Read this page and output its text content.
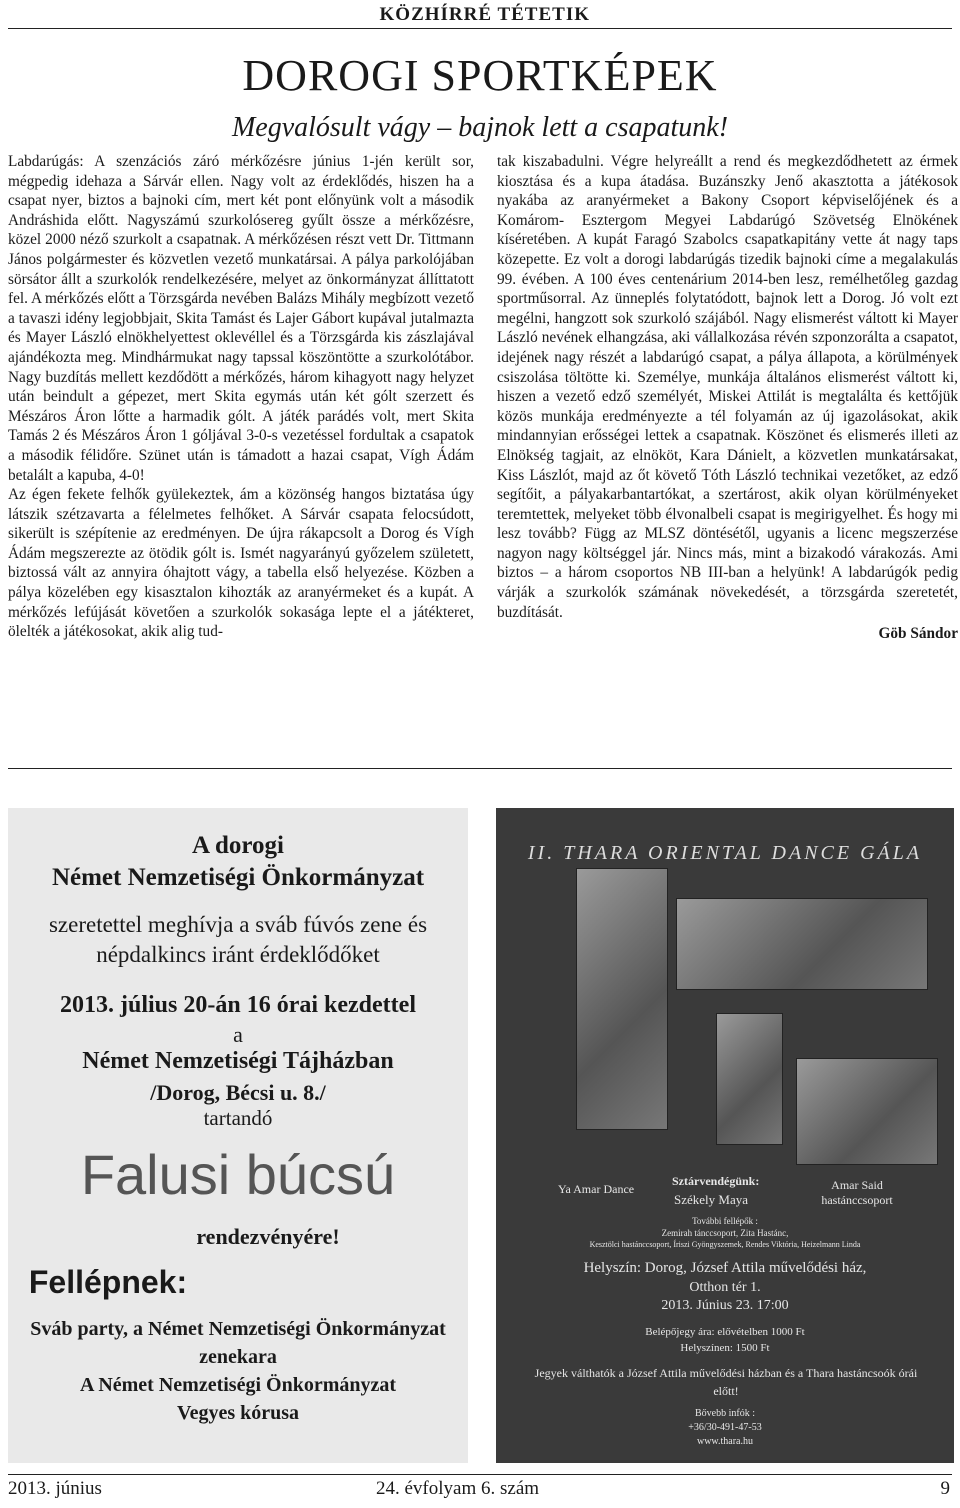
KÖZHÍRRÉ TÉTETIK
DOROGI SPORTKÉPEK
Megvalósult vágy – bajnok lett a csapatunk!

Labdarúgás: A szenzációs záró mérkőzésre június 1-jén került sor, mégpedig idehaza a Sárvár ellen. Nagy volt az érdeklődés, hiszen ha a csapat nyer, biztos a bajnoki cím, mert két pont előnyünk volt a második Andráshida előtt. Nagyszámú szurkolósereg gyűlt össze a mérkőzésre, közel 2000 néző szurkolt a csapatnak. A mérkőzésen részt vett Dr. Tittmann János polgármester és közvetlen vezető munkatársai. A pálya parkolójában sörsátor állt a szurkolók rendelkezésére, melyet az önkormányzat állíttatott fel. A mérkőzés előtt a Törzsgárda nevében Balázs Mihály megbízott vezető a tavaszi idény legjobbjait, Skita Tamást és Lajer Gábort kupával jutalmazta és Mayer László elnökhelyettest oklevéllel és a Törzsgárda kis zászlajával ajándékozta meg. Mindhármukat nagy tapssal köszöntötte a szurkolótábor. Nagy buzdítás mellett kezdődött a mérkőzés, három kihagyott nagy helyzet után beindult a gépezet, mert Skita egymás után két gólt szerzett és Mészáros Áron lőtte a harmadik gólt. A játék parádés volt, mert Skita Tamás 2 és Mészáros Áron 1 góljával 3-0-s vezetéssel fordultak a csapatok a második félidőre. Szünet után is támadott a hazai csapat, Vígh Ádám betalált a kapuba, 4-0!

Az égen fekete felhők gyülekeztek, ám a közönség hangos biztatása úgy látszik szétzavarta a félelmetes felhőket. A Sárvár csapata felocsúdott, sikerült is szépítenie az eredményen. De újra rákapcsolt a Dorog és Vígh Ádám megszerezte az ötödik gólt is. Ismét nagyarányú győzelem született, biztossá vált az annyira óhajtott vágy, a tabella első helyezése. Közben a pálya közelében egy kisasztalon kihozták az aranyérmeket és a kupát. A mérkőzés lefújását követően a szurkolók sokasága lepte el a játékteret, ölelték a játékosokat, akik alig tud-

tak kiszabadulni. Végre helyreállt a rend és megkezdődhetett az érmek kiosztása és a kupa átadása. Buzánszky Jenő akasztotta a játékosok nyakába az aranyérmeket a Bakony Csoport képviselőjének és a Komárom- Esztergom Megyei Labdarúgó Szövetség Elnökének kíséretében. A kupát Faragó Szabolcs csapatkapitány vette át nagy taps közepette. Ez volt a dorogi labdarúgás tizedik bajnoki címe a megalakulás 99. évében. A 100 éves centenárium 2014-ben lesz, remélhetőleg gazdag sportműsorral. Az ünneplés folytatódott, bajnok lett a Dorog. Jó volt ezt megélni, hangzott sok szurkoló szájából. Nagy elismerést váltott ki Mayer László nevének elhangzása, aki vállalkozása révén szponzorálta a csapatot, idejének nagy részét a labdarúgó csapat, a pálya állapota, a körülmények csiszolása töltötte ki. Személye, munkája általános elismerést váltott ki, hiszen a vezető edző személyét, Miskei Attilát is megtalálta és kettőjük közös munkája eredményezte a tél folyamán az új igazolásokat, akik mindannyian erősségei lettek a csapatnak. Köszönet és elismerés illeti az Elnökség tagjait, az elnököt, Kara Dánielt, a közvetlen munkatársakat, Kiss Lászlót, majd az őt követő Tóth László technikai vezetőket, az edző segítőit, a pályakarbantartókat, a szertárost, akik olyan körülményeket teremtettek, melyeket több élvonalbeli csapat is megirigyelhet. És hogy mi lesz tovább? Függ az MLSZ döntésétől, ugyanis a licenc megszerzése nagyon nagy költséggel jár. Nincs más, mint a bizakodó várakozás. Ami biztos – a három csoportos NB III-ban a helyünk! A labdarúgók pedig várják a szurkolók számának növekedését, a törzsgárda szeretetét, buzdítását.

Göb Sándor
A dorogi
Német Nemzetiségi Önkormányzat
szeretettel meghívja a sváb fúvós zene és
népdalkincs iránt érdeklődőket
2013. július 20-án 16 órai kezdettel
a
Német Nemzetiségi Tájházban
/Dorog, Bécsi u. 8./
tartandó
Falusi búcsú
rendezvényére!
Fellépnek:
Sváb party, a Német Nemzetiségi Önkormányzat
zenekara
A Német Nemzetiségi Önkormányzat
Vegyes kórusa
II. THARA ORIENTAL DANCE GÁLA
Ya Amar Dance
Sztárvendégünk:
Székely Maya
Amar Said hastánccsoport
További fellépők :
Zemirah tánccsoport, Zita Hastánc,
Kesztölci hastánccsoport, Íriszi Gyöngyszemek, Rendes Viktória, Heizelmann Linda
Helyszín: Dorog, József Attila művelődési ház,
Otthon tér 1.
2013. Június 23. 17:00
Belépőjegy ára: elővételben 1000 Ft
Helyszínen: 1500 Ft
Jegyek válthatók a József Attila művelődési házban és a Thara hastáncsoók órái előtt!
Bővebb infók :
+36/30-491-47-53
www.thara.hu
2013. június	24. évfolyam 6. szám	9
